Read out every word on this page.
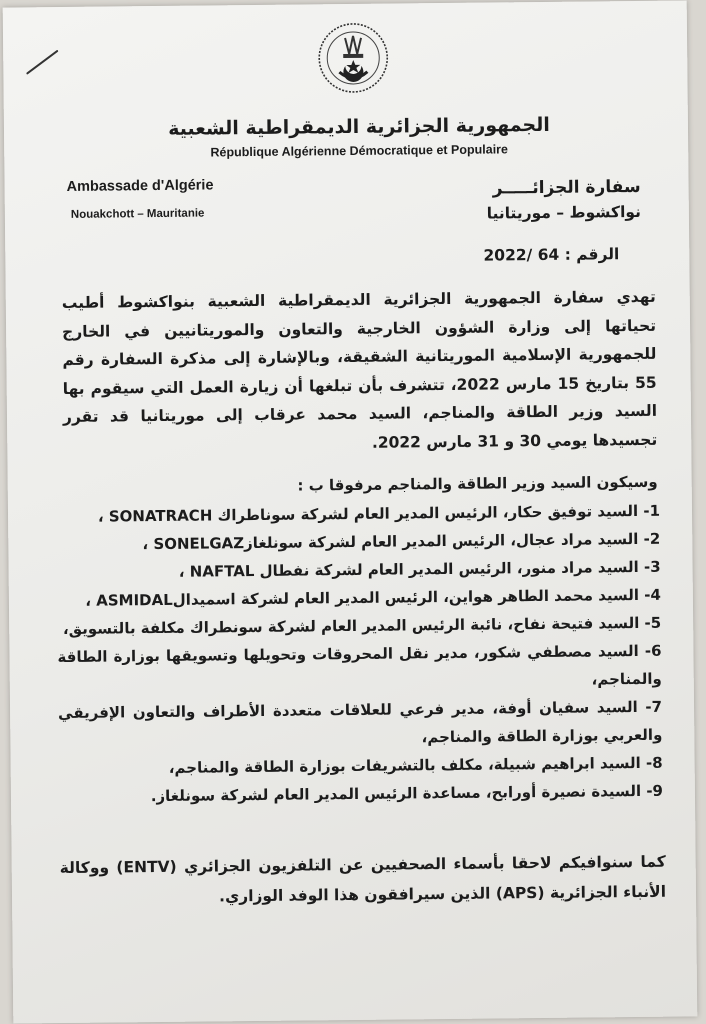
الجمهورية الجزائرية الديمقراطية الشعبية
République Algérienne Démocratique et Populaire
Ambassade d'Algérie
Nouakchott – Mauritanie
سفارة الجزائـــــر
نواكشوط – موريتانيا
الرقم : 64 /2022
تهدي سفارة الجمهورية الجزائرية الديمقراطية الشعبية بنواكشوط أطيب تحياتها إلى وزارة الشؤون الخارجية والتعاون والموريتانيين في الخارج للجمهورية الإسلامية الموريتانية الشقيقة، وبالإشارة إلى مذكرة السفارة رقم 55 بتاريخ 15 مارس 2022، تتشرف بأن تبلغها أن زيارة العمل التي سيقوم بها السيد وزير الطاقة والمناجم، السيد محمد عرقاب إلى موريتانيا قد تقرر تجسيدها يومي 30 و 31 مارس 2022.
وسيكون السيد وزير الطاقة والمناجم مرفوقا ب :
1- السيد توفيق حكار، الرئيس المدير العام لشركة سوناطراك SONATRACH ،
2- السيد مراد عجال، الرئيس المدير العام لشركة سونلغازSONELGAZ ،
3- السيد مراد منور، الرئيس المدير العام لشركة نفطال NAFTAL ،
4- السيد محمد الطاهر هواين، الرئيس المدير العام لشركة اسميدالASMIDAL ،
5- السيد فتيحة نفاح، نائبة الرئيس المدير العام لشركة سونطراك مكلفة بالتسويق،
6- السيد مصطفي شكور، مدير نقل المحروقات وتحويلها وتسويقها بوزارة الطاقة والمناجم،
7- السيد سفيان أوفة، مدير فرعي للعلاقات متعددة الأطراف والتعاون الإفريقي والعربي بوزارة الطاقة والمناجم،
8- السيد ابراهيم شبيلة، مكلف بالتشريفات بوزارة الطاقة والمناجم،
9- السيدة نصيرة أورابح، مساعدة الرئيس المدير العام لشركة سونلغاز.
كما سنوافيكم لاحقا بأسماء الصحفيين عن التلفزيون الجزائري (ENTV) ووكالة الأنباء الجزائرية (APS) الذين سيرافقون هذا الوفد الوزاري.
